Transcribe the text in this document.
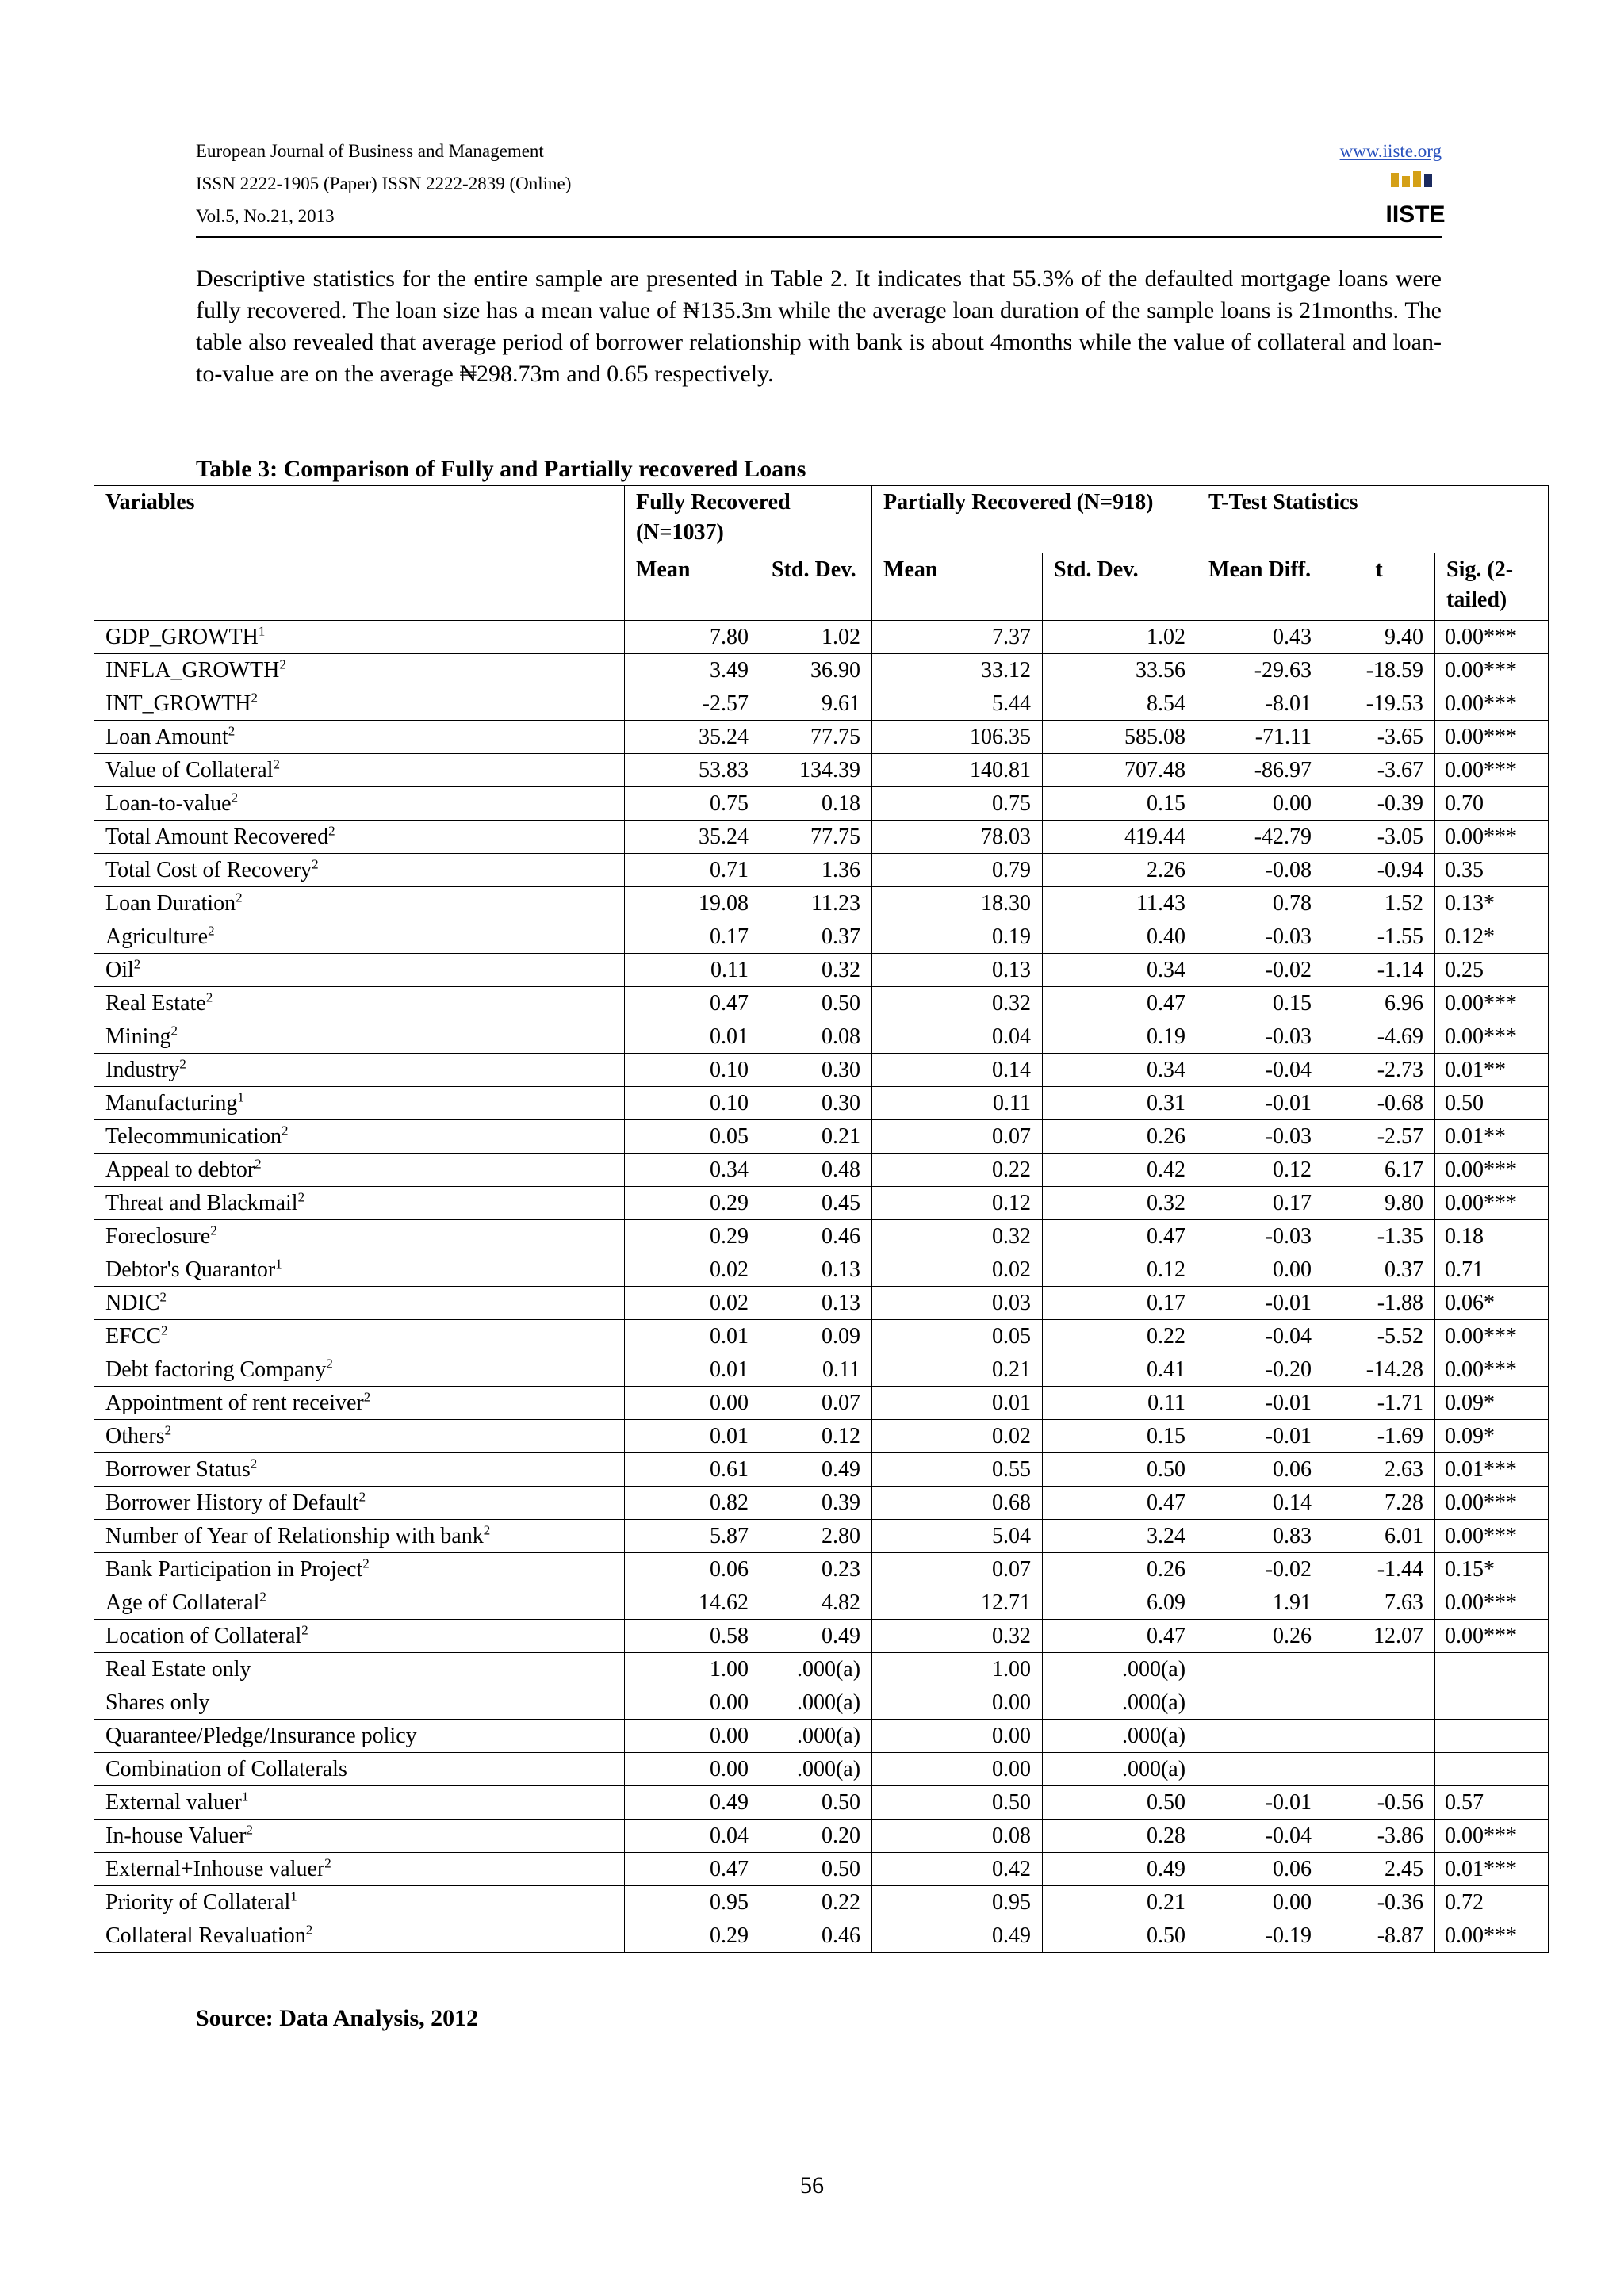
European Journal of Business and Management
ISSN 2222-1905 (Paper) ISSN 2222-2839 (Online)
Vol.5, No.21, 2013
www.iiste.org
IISTE

Descriptive statistics for the entire sample are presented in Table 2. It indicates that 55.3% of the defaulted mortgage loans were fully recovered. The loan size has a mean value of ₦135.3m while the average loan duration of the sample loans is 21months. The table also revealed that average period of borrower relationship with bank is about 4months while the value of collateral and loan-to-value are on the average ₦298.73m and 0.65 respectively.

Table 3: Comparison of Fully and Partially recovered Loans

Variables	Fully Recovered (N=1037)		Partially Recovered (N=918)		T-Test Statistics		
	Mean	Std. Dev.	Mean	Std. Dev.	Mean Diff.	t	Sig. (2-tailed)
GDP_GROWTH$^1$	7.80	1.02	7.37	1.02	0.43	9.40	0.00***
INFLA_GROWTH$^2$	3.49	36.90	33.12	33.56	-29.63	-18.59	0.00***
INT_GROWTH$^2$	-2.57	9.61	5.44	8.54	-8.01	-19.53	0.00***
Loan Amount$^2$	35.24	77.75	106.35	585.08	-71.11	-3.65	0.00***
Value of Collateral$^2$	53.83	134.39	140.81	707.48	-86.97	-3.67	0.00***
Loan-to-value$^2$	0.75	0.18	0.75	0.15	0.00	-0.39	0.70
Total Amount Recovered$^2$	35.24	77.75	78.03	419.44	-42.79	-3.05	0.00***
Total Cost of Recovery$^2$	0.71	1.36	0.79	2.26	-0.08	-0.94	0.35
Loan Duration$^2$	19.08	11.23	18.30	11.43	0.78	1.52	0.13*
Agriculture$^2$	0.17	0.37	0.19	0.40	-0.03	-1.55	0.12*
Oil$^2$	0.11	0.32	0.13	0.34	-0.02	-1.14	0.25
Real Estate$^2$	0.47	0.50	0.32	0.47	0.15	6.96	0.00***
Mining$^2$	0.01	0.08	0.04	0.19	-0.03	-4.69	0.00***
Industry$^2$	0.10	0.30	0.14	0.34	-0.04	-2.73	0.01**
Manufacturing$^1$	0.10	0.30	0.11	0.31	-0.01	-0.68	0.50
Telecommunication$^2$	0.05	0.21	0.07	0.26	-0.03	-2.57	0.01**
Appeal to debtor$^2$	0.34	0.48	0.22	0.42	0.12	6.17	0.00***
Threat and Blackmail$^2$	0.29	0.45	0.12	0.32	0.17	9.80	0.00***
Foreclosure$^2$	0.29	0.46	0.32	0.47	-0.03	-1.35	0.18
Debtor's Quarantor$^1$	0.02	0.13	0.02	0.12	0.00	0.37	0.71
NDIC$^2$	0.02	0.13	0.03	0.17	-0.01	-1.88	0.06*
EFCC$^2$	0.01	0.09	0.05	0.22	-0.04	-5.52	0.00***
Debt factoring Company$^2$	0.01	0.11	0.21	0.41	-0.20	-14.28	0.00***
Appointment of rent receiver$^2$	0.00	0.07	0.01	0.11	-0.01	-1.71	0.09*
Others$^2$	0.01	0.12	0.02	0.15	-0.01	-1.69	0.09*
Borrower Status$^2$	0.61	0.49	0.55	0.50	0.06	2.63	0.01***
Borrower History of Default$^2$	0.82	0.39	0.68	0.47	0.14	7.28	0.00***
Number of Year of Relationship with bank$^2$	5.87	2.80	5.04	3.24	0.83	6.01	0.00***
Bank Participation in Project$^2$	0.06	0.23	0.07	0.26	-0.02	-1.44	0.15*
Age of Collateral$^2$	14.62	4.82	12.71	6.09	1.91	7.63	0.00***
Location of Collateral$^2$	0.58	0.49	0.32	0.47	0.26	12.07	0.00***
Real Estate only	1.00	.000(a)	1.00	.000(a)			
Shares only	0.00	.000(a)	0.00	.000(a)			
Quarantee/Pledge/Insurance policy	0.00	.000(a)	0.00	.000(a)			
Combination of Collaterals	0.00	.000(a)	0.00	.000(a)			
External valuer$^1$	0.49	0.50	0.50	0.50	-0.01	-0.56	0.57
In-house Valuer$^2$	0.04	0.20	0.08	0.28	-0.04	-3.86	0.00***
External+Inhouse valuer$^2$	0.47	0.50	0.42	0.49	0.06	2.45	0.01***
Priority of Collateral$^1$	0.95	0.22	0.95	0.21	0.00	-0.36	0.72
Collateral Revaluation$^2$	0.29	0.46	0.49	0.50	-0.19	-8.87	0.00***

Source: Data Analysis, 2012

56
